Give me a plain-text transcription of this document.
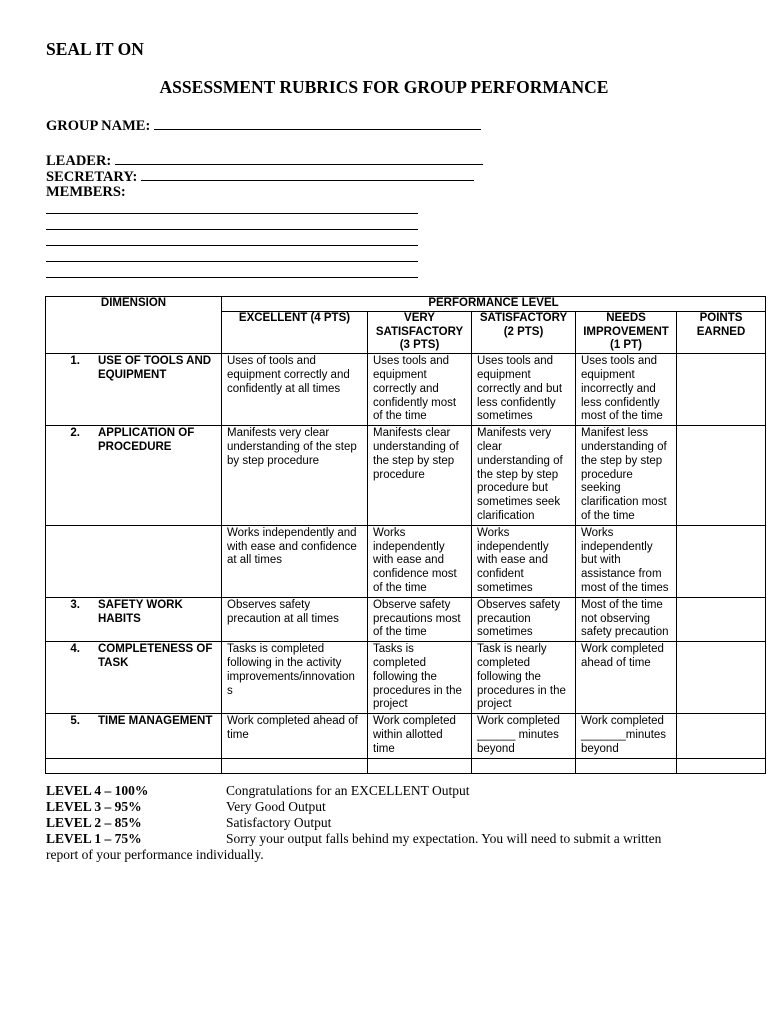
SEAL IT ON
ASSESSMENT RUBRICS FOR GROUP PERFORMANCE
GROUP NAME:
LEADER:
SECRETARY:
MEMBERS:
DIMENSION	PERFORMANCE LEVEL				
	EXCELLENT (4 PTS)	VERY SATISFACTORY (3 PTS)	SATISFACTORY (2 PTS)	NEEDS IMPROVEMENT (1 PT)	POINTS EARNED
1. USE OF TOOLS AND EQUIPMENT	Uses of tools and equipment correctly and confidently at all times	Uses tools and equipment correctly and confidently most of the time	Uses tools and equipment correctly and but less confidently sometimes	Uses tools and equipment incorrectly and less confidently most of the time	
2. APPLICATION OF PROCEDURE	Manifests very clear understanding of the step by step procedure	Manifests clear understanding of the step by step procedure	Manifests very clear understanding of the step by step procedure but sometimes seek clarification	Manifest less understanding of the step by step procedure seeking clarification most of the time	
	Works independently and with ease and confidence at all times	Works independently with ease and confidence most of the time	Works independently with ease and confident sometimes	Works independently but with assistance from most of the times	
3. SAFETY WORK HABITS	Observes safety precaution at all times	Observe safety precautions most of the time	Observes safety precaution sometimes	Most of the time not observing safety precaution	
4. COMPLETENESS OF TASK	Tasks is completed following in the activity improvements/innovation s	Tasks is completed following the procedures in the project	Task is nearly completed following the procedures in the project	Work completed ahead of time	
5. TIME MANAGEMENT	Work completed ahead of time	Work completed within allotted time	Work completed ______ minutes beyond	Work completed _______minutes beyond	

LEVEL 4 – 100%	Congratulations for an EXCELLENT Output
LEVEL 3 – 95%	Very Good Output
LEVEL 2 – 85%	Satisfactory Output
LEVEL 1 – 75%	Sorry your output falls behind my expectation. You will need to submit a written
report of your performance individually.
